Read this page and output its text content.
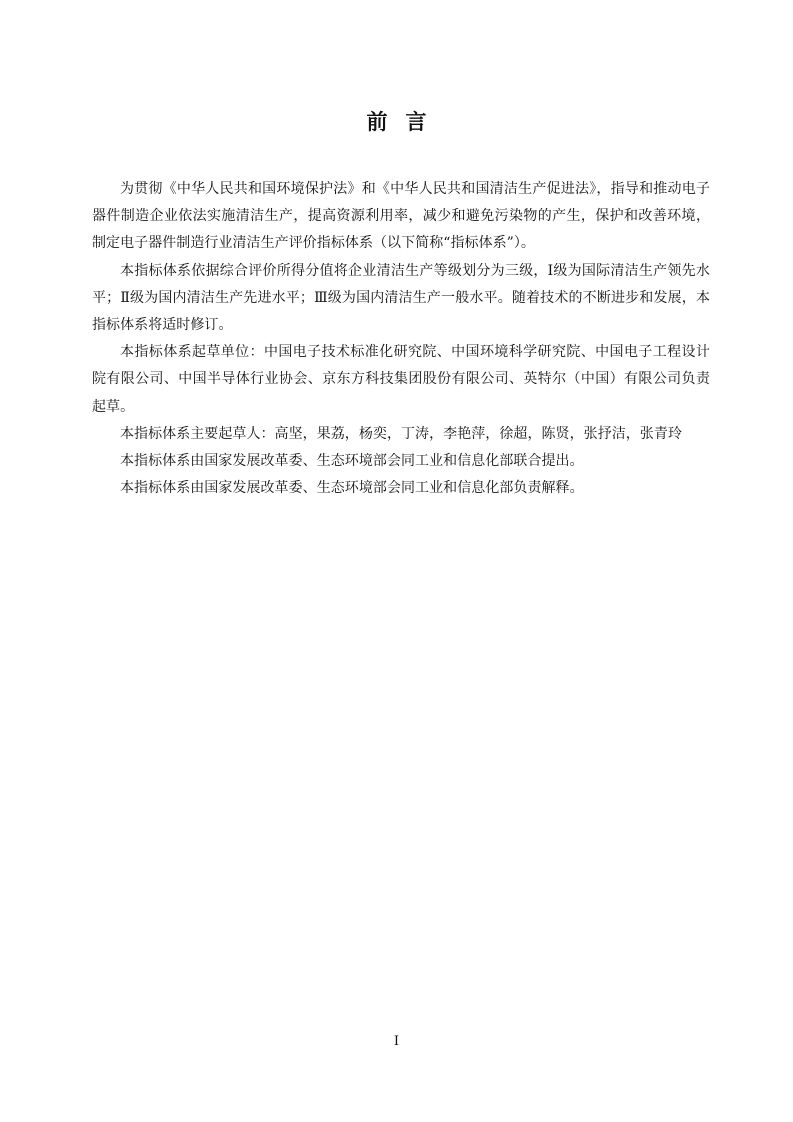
前言

为贯彻《中华人民共和国环境保护法》和《中华人民共和国清洁生产促进法》，指导和推动电子器件制造企业依法实施清洁生产，提高资源利用率，减少和避免污染物的产生，保护和改善环境，制定电子器件制造行业清洁生产评价指标体系（以下简称“指标体系”）。

本指标体系依据综合评价所得分值将企业清洁生产等级划分为三级，Ⅰ级为国际清洁生产领先水平；Ⅱ级为国内清洁生产先进水平；Ⅲ级为国内清洁生产一般水平。随着技术的不断进步和发展，本指标体系将适时修订。

本指标体系起草单位：中国电子技术标准化研究院、中国环境科学研究院、中国电子工程设计院有限公司、中国半导体行业协会、京东方科技集团股份有限公司、英特尔（中国）有限公司负责起草。

本指标体系主要起草人：高坚，果荔，杨奕，丁涛，李艳萍，徐超，陈贤，张抒洁，张青玲

本指标体系由国家发展改革委、生态环境部会同工业和信息化部联合提出。

本指标体系由国家发展改革委、生态环境部会同工业和信息化部负责解释。

I
